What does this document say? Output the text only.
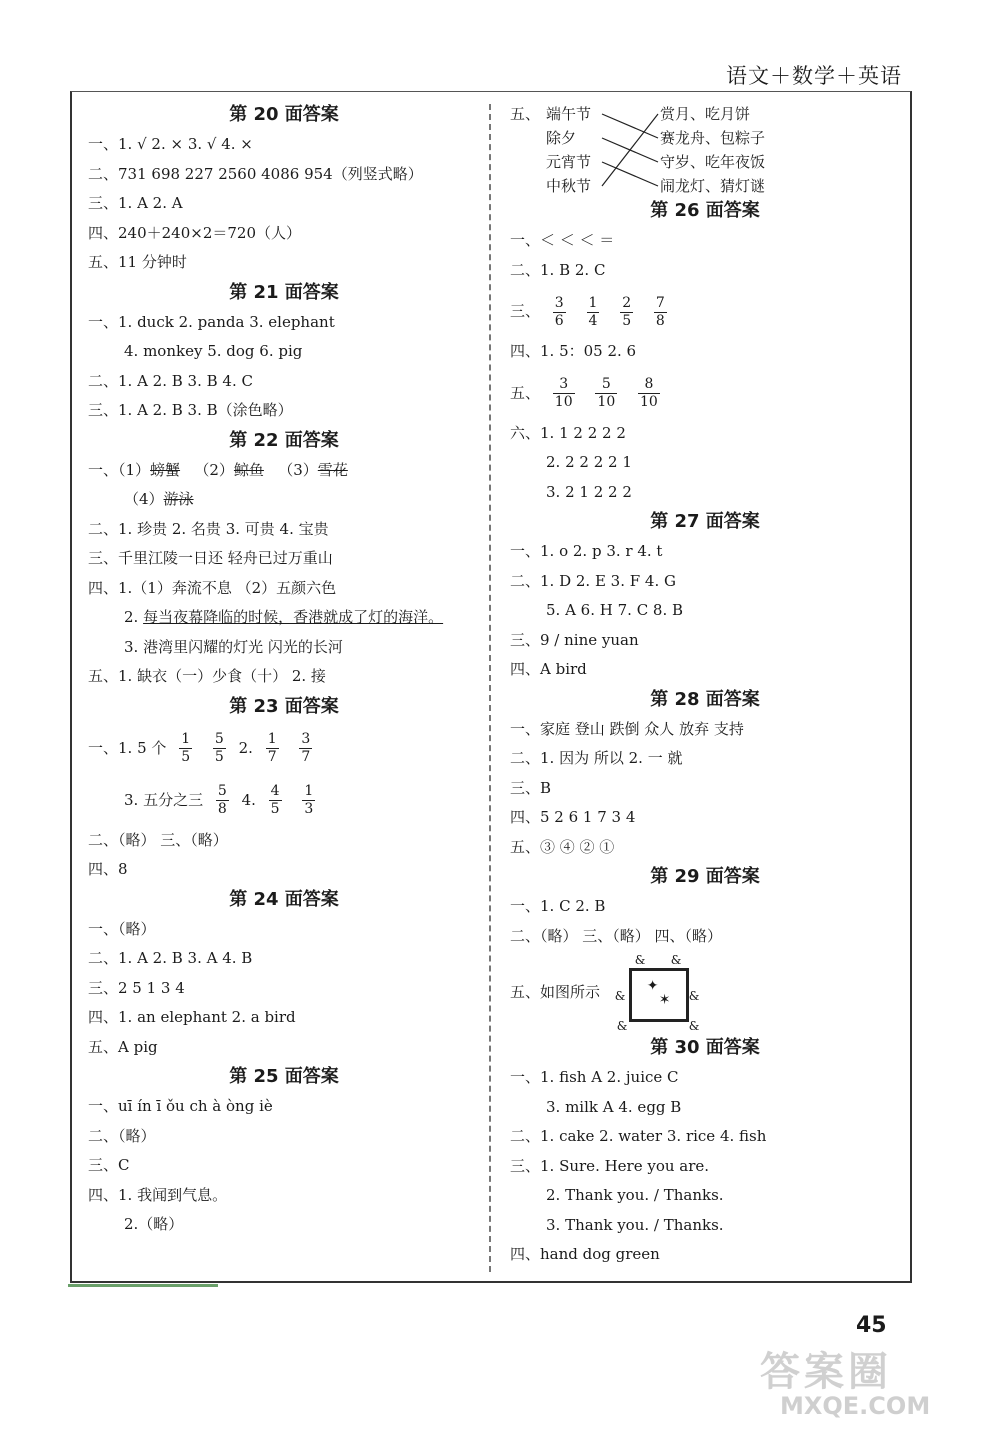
语文＋数学＋英语
第 20 面答案
一、1. √ 2. × 3. √ 4. ×
二、731 698 227 2560 4086 954（列竖式略）
三、1. A 2. A
四、240＋240×2＝720（人）
五、11 分钟时
第 21 面答案
一、1. duck 2. panda 3. elephant
4. monkey 5. dog 6. pig
二、1. A 2. B 3. B 4. C
三、1. A 2. B 3. B（涂色略）
第 22 面答案
一、（1）螃蟹 （2）鲸鱼 （3）雪花
（4）游泳
二、1. 珍贵 2. 名贵 3. 可贵 4. 宝贵
三、千里江陵一日还 轻舟已过万重山
四、1.（1）奔流不息 （2）五颜六色
2. 每当夜幕降临的时候，香港就成了灯的海洋。
3. 港湾里闪耀的灯光 闪光的长河
五、1. 缺衣（一）少食（十） 2. 接
第 23 面答案
一、1. 5 个 $\frac{1}{5}$
$\frac{5}{5} 2$. $\frac{1}{7}$
$\frac{3}{7}$
3. 五分之三 $\frac{5}{8} 4$. $\frac{4}{5}$
$\frac{1}{3}$
二、（略） 三、（略）
四、8
第 24 面答案
一、（略）
二、1. A 2. B 3. A 4. B
三、2 5 1 3 4
四、1. an elephant 2. a bird
五、A pig
第 25 面答案
一、uī ín ī ǒu ch à òng iè
二、（略）
三、C
四、1. 我闻到气息。
2.（略）
五、 端午节
除夕
元宵节
中秋节
赏月、吃月饼
赛龙舟、包粽子
守岁、吃年夜饭
闹龙灯、猜灯谜
第 26 面答案
一、＜ ＜ ＜ ＝
二、1. B 2. C
三、 $\frac{3}{6}$
$\frac{1}{4}$
$\frac{2}{5}$
$\frac{7}{8}$
四、1. 5：05 2. 6
五、 $\frac{3}{10}$
$\frac{5}{10}$
$\frac{8}{10}$
六、1. 1 2 2 2 2
2. 2 2 2 2 1
3. 2 1 2 2 2
第 27 面答案
一、1. o 2. p 3. r 4. t
二、1. D 2. E 3. F 4. G
5. A 6. H 7. C 8. B
三、9 / nine yuan
四、A bird
第 28 面答案
一、家庭 登山 跌倒 众人 放弃 支持
二、1. 因为 所以 2. 一 就
三、B
四、5 2 6 1 7 3 4
五、③ ④ ② ①
第 29 面答案
一、1. C 2. B
二、（略） 三、（略） 四、（略）
五、如图所示
& &
&	&
&	&
✦
✶
第 30 面答案
一、1. fish A 2. juice C
3. milk A 4. egg B
二、1. cake 2. water 3. rice 4. fish
三、1. Sure. Here you are.
2. Thank you. / Thanks.
3. Thank you. / Thanks.
四、hand dog green
45
答案圈
MXQE.COM
